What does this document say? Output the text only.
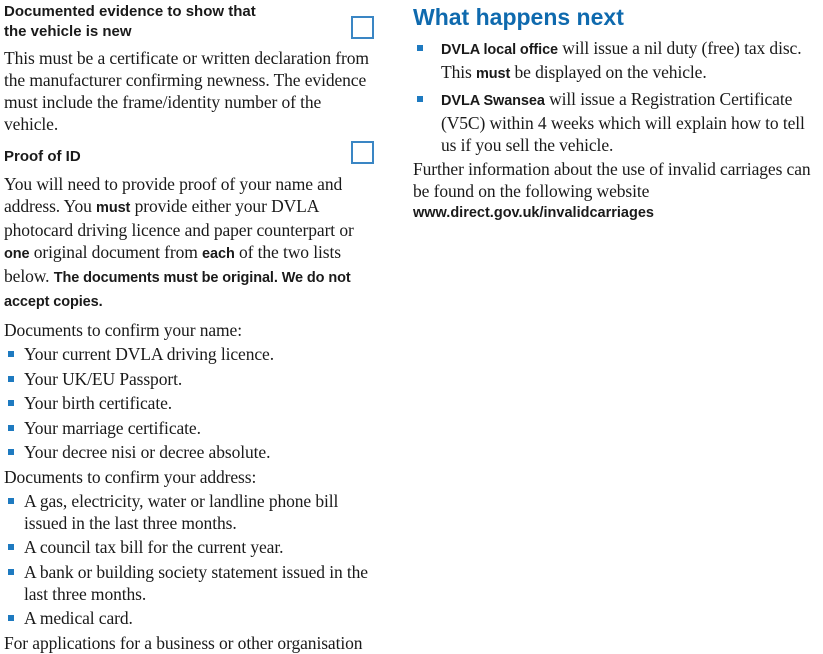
Documented evidence to show that
the vehicle is new

This must be a certificate or written declaration from the manufacturer confirming newness. The evidence must include the frame/identity number of the vehicle.

Proof of ID

You will need to provide proof of your name and address. You must provide either your DVLA photocard driving licence and paper counterpart or one original document from each of the two lists below. The documents must be original. We do not accept copies.

Documents to confirm your name:

Your current DVLA driving licence.
Your UK/EU Passport.
Your birth certificate.
Your marriage certificate.
Your decree nisi or decree absolute.

Documents to confirm your address:

A gas, electricity, water or landline phone bill issued in the last three months.
A council tax bill for the current year.
A bank or building society statement issued in the last three months.
A medical card.

For applications for a business or other organisation

What happens next
DVLA local office will issue a nil duty (free) tax disc. This must be displayed on the vehicle.
DVLA Swansea will issue a Registration Certificate (V5C) within 4 weeks which will explain how to tell us if you sell the vehicle.

Further information about the use of invalid carriages can be found on the following website

www.direct.gov.uk/invalidcarriages
